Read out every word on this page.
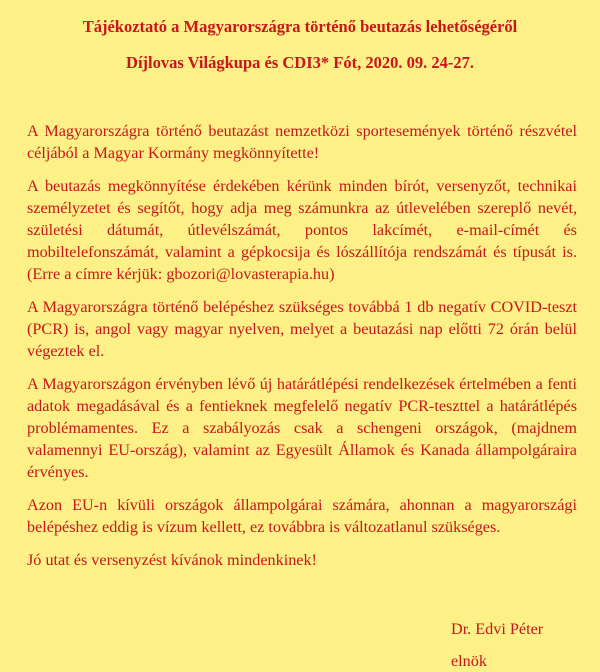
Tájékoztató a Magyarországra történő beutazás lehetőségéről
Díjlovas Világkupa és CDI3* Fót, 2020. 09. 24-27.

A Magyarországra történő beutazást nemzetközi sportesemények történő részvétel céljából a Magyar Kormány megkönnyítette!

A beutazás megkönnyítése érdekében kérünk minden bírót, versenyzőt, technikai személyzetet és segítőt, hogy adja meg számunkra az útlevelében szereplő nevét, születési dátumát, útlevélszámát, pontos lakcímét, e-mail-címét és mobiltelefonszámát, valamint a gépkocsija és lószállítója rendszámát és típusát is. (Erre a címre kérjük: gbozori@lovasterapia.hu)

A Magyarországra történő belépéshez szükséges továbbá 1 db negatív COVID-teszt (PCR) is, angol vagy magyar nyelven, melyet a beutazási nap előtti 72 órán belül végeztek el.

A Magyarországon érvényben lévő új határátlépési rendelkezések értelmében a fenti adatok megadásával és a fentieknek megfelelő negatív PCR-teszttel a határátlépés problémamentes. Ez a szabályozás csak a schengeni országok, (majdnem valamennyi EU-ország), valamint az Egyesült Államok és Kanada állampolgáraira érvényes.

Azon EU-n kívüli országok állampolgárai számára, ahonnan a magyarországi belépéshez eddig is vízum kellett, ez továbbra is változatlanul szükséges.

Jó utat és versenyzést kívánok mindenkinek!

Dr. Edvi Péter
elnök
